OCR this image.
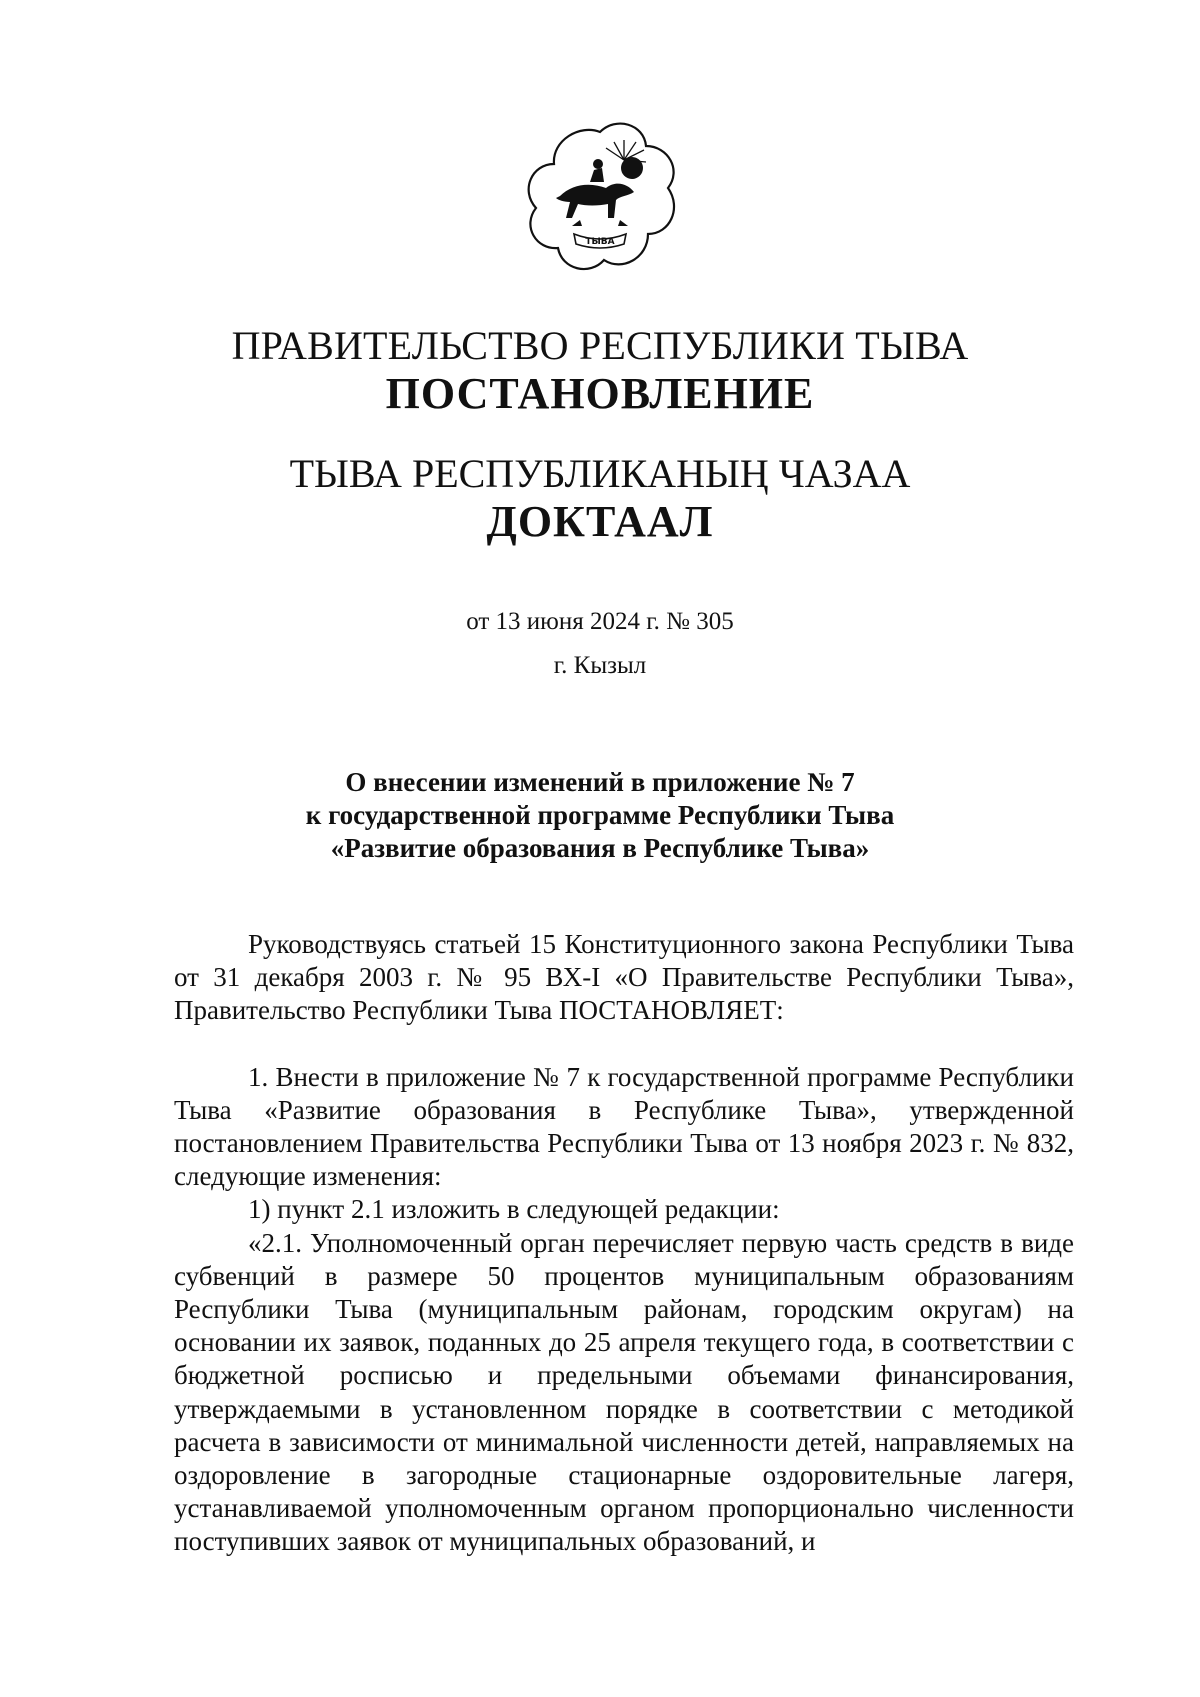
ТЫВА
ПРАВИТЕЛЬСТВО РЕСПУБЛИКИ ТЫВА
ПОСТАНОВЛЕНИЕ
ТЫВА РЕСПУБЛИКАНЫҢ ЧАЗАА
ДОКТААЛ
от 13 июня 2024 г. № 305
г. Кызыл
О внесении изменений в приложение № 7
к государственной программе Республики Тыва
«Развитие образования в Республике Тыва»

Руководствуясь статьей 15 Конституционного закона Республики Тыва от 31 декабря 2003 г. № 95 ВХ-I «О Правительстве Республики Тыва», Правительство Республики Тыва ПОСТАНОВЛЯЕТ:

1. Внести в приложение № 7 к государственной программе Республики Тыва «Развитие образования в Республике Тыва», утвержденной постановлением Правительства Республики Тыва от 13 ноября 2023 г. № 832, следующие изменения:

1) пункт 2.1 изложить в следующей редакции:

«2.1. Уполномоченный орган перечисляет первую часть средств в виде субвенций в размере 50 процентов муниципальным образованиям Республики Тыва (муниципальным районам, городским округам) на основании их заявок, поданных до 25 апреля текущего года, в соответствии с бюджетной росписью и предельными объемами финансирования, утверждаемыми в установленном порядке в соответствии с методикой расчета в зависимости от минимальной численности детей, направляемых на оздоровление в загородные стационарные оздоровительные лагеря, устанавливаемой уполномоченным органом пропорционально численности поступивших заявок от муниципальных образований, и
